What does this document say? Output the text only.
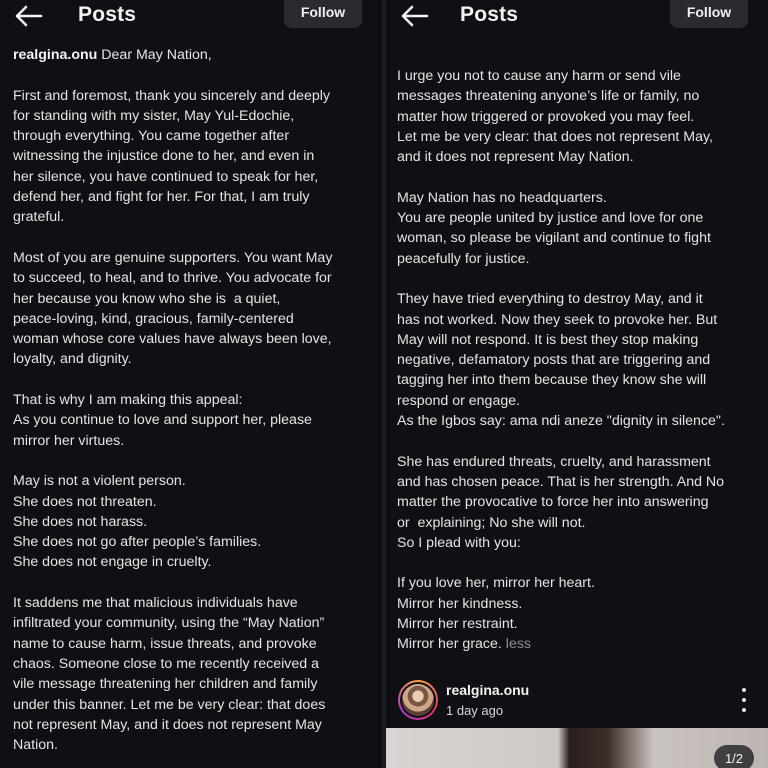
Posts	Follow
realgina.onu Dear May Nation,
First and foremost, thank you sincerely and deeply
for standing with my sister, May Yul-Edochie,
through everything. You came together after
witnessing the injustice done to her, and even in
her silence, you have continued to speak for her,
defend her, and fight for her. For that, I am truly
grateful.
Most of you are genuine supporters. You want May
to succeed, to heal, and to thrive. You advocate for
her because you know who she is  a quiet,
peace-loving, kind, gracious, family-centered
woman whose core values have always been love,
loyalty, and dignity.
That is why I am making this appeal:
As you continue to love and support her, please
mirror her virtues.
May is not a violent person.
She does not threaten.
She does not harass.
She does not go after people’s families.
She does not engage in cruelty.
It saddens me that malicious individuals have
infiltrated your community, using the “May Nation”
name to cause harm, issue threats, and provoke
chaos. Someone close to me recently received a
vile message threatening her children and family
under this banner. Let me be very clear: that does
not represent May, and it does not represent May
Nation.
Posts	Follow
I urge you not to cause any harm or send vile
messages threatening anyone’s life or family, no
matter how triggered or provoked you may feel.
Let me be very clear: that does not represent May,
and it does not represent May Nation.
May Nation has no headquarters.
You are people united by justice and love for one
woman, so please be vigilant and continue to fight
peacefully for justice.
They have tried everything to destroy May, and it
has not worked. Now they seek to provoke her. But
May will not respond. It is best they stop making
negative, defamatory posts that are triggering and
tagging her into them because they know she will
respond or engage.
As the Igbos say: ama ndi aneze "dignity in silence".
She has endured threats, cruelty, and harassment
and has chosen peace. That is her strength. And No
matter the provocative to force her into answering
or  explaining; No she will not.
So I plead with you:
If you love her, mirror her heart.
Mirror her kindness.
Mirror her restraint.
Mirror her grace. less
realgina.onu
1 day ago
1/2
